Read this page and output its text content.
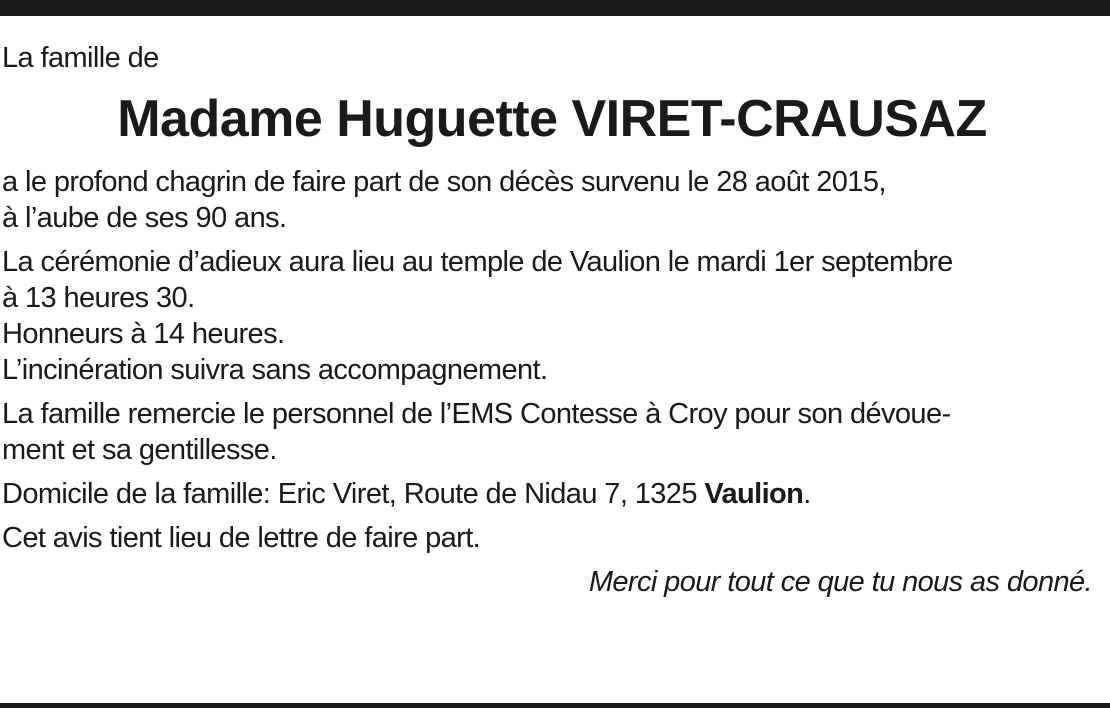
La famille de
Madame Huguette VIRET-CRAUSAZ
a le profond chagrin de faire part de son décès survenu le 28 août 2015,
à l’aube de ses 90 ans.
La cérémonie d’adieux aura lieu au temple de Vaulion le mardi 1er septembre
à 13 heures 30.
Honneurs à 14 heures.
L’incinération suivra sans accompagnement.
La famille remercie le personnel de l’EMS Contesse à Croy pour son dévoue-
ment et sa gentillesse.
Domicile de la famille: Eric Viret, Route de Nidau 7, 1325 Vaulion.
Cet avis tient lieu de lettre de faire part.
Merci pour tout ce que tu nous as donné.
